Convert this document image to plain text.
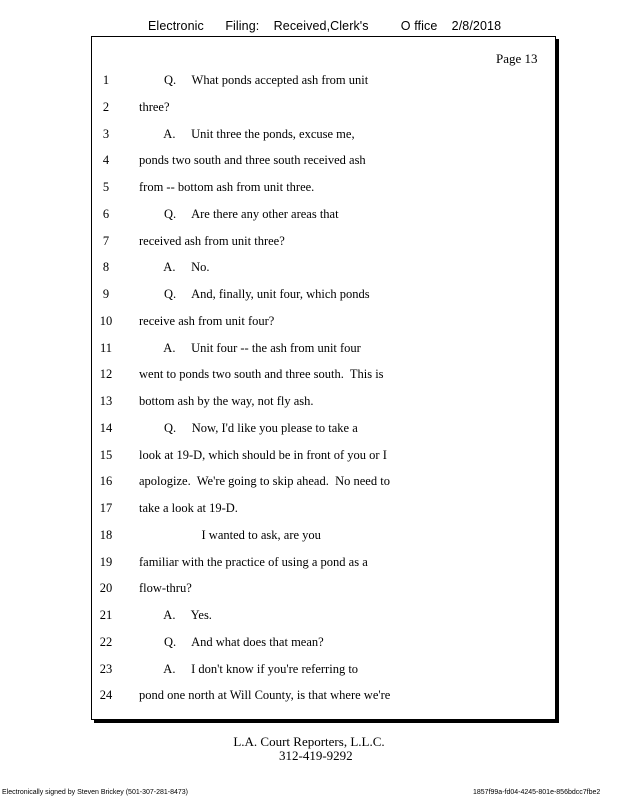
Electronic      Filing:    Received,Clerk's         O ffice    2/8/2018
Page 13
1	Q.     What ponds accepted ash from unit
2	three?
3	A.     Unit three the ponds, excuse me,
4	ponds two south and three south received ash
5	from -- bottom ash from unit three.
6	Q.     Are there any other areas that
7	received ash from unit three?
8	A.     No.
9	Q.     And, finally, unit four, which ponds
10	receive ash from unit four?
11	A.     Unit four -- the ash from unit four
12	went to ponds two south and three south.  This is
13	bottom ash by the way, not fly ash.
14	Q.     Now, I'd like you please to take a
15	look at 19-D, which should be in front of you or I
16	apologize.  We're going to skip ahead.  No need to
17	take a look at 19-D.
18	I wanted to ask, are you
19	familiar with the practice of using a pond as a
20	flow-thru?
21	A.     Yes.
22	Q.     And what does that mean?
23	A.     I don't know if you're referring to
24	pond one north at Will County, is that where we're
L.A. Court Reporters, L.L.C.
312-419-9292
Electronically signed by Steven Brickey (501-307-281-8473)	1857f99a-fd04-4245-801e-856bdcc7fbe2
